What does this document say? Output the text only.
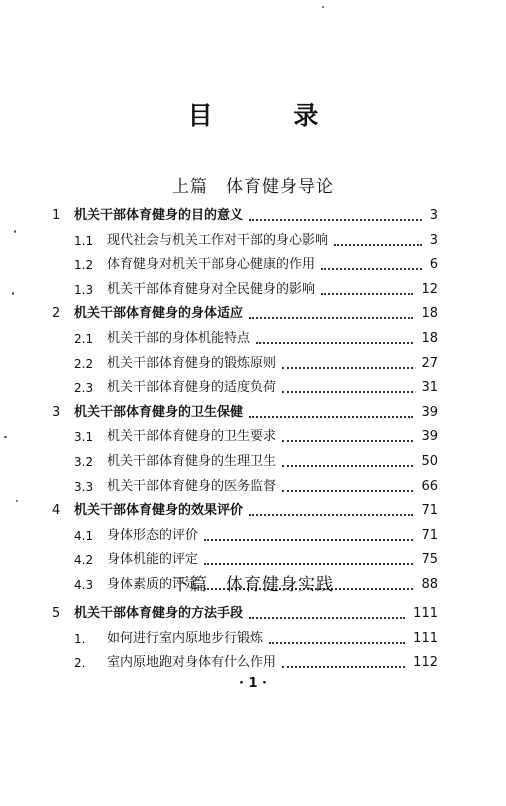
目 录
上篇　体育健身导论
1 机关干部体育健身的目的意义	3
1.1 现代社会与机关工作对干部的身心影响	3
1.2 体育健身对机关干部身心健康的作用	6
1.3 机关干部体育健身对全民健身的影响	12
2 机关干部体育健身的身体适应	18
2.1 机关干部的身体机能特点	18
2.2 机关干部体育健身的锻炼原则	27
2.3 机关干部体育健身的适度负荷	31
3 机关干部体育健身的卫生保健	39
3.1 机关干部体育健身的卫生要求	39
3.2 机关干部体育健身的生理卫生	50
3.3 机关干部体育健身的医务监督	66
4 机关干部体育健身的效果评价	71
4.1 身体形态的评价	71
4.2 身体机能的评定	75
4.3 身体素质的评定	88
下篇　体育健身实践
5 机关干部体育健身的方法手段	111
1. 如何进行室内原地步行锻炼	111
2. 室内原地跑对身体有什么作用	112
· 1 ·
